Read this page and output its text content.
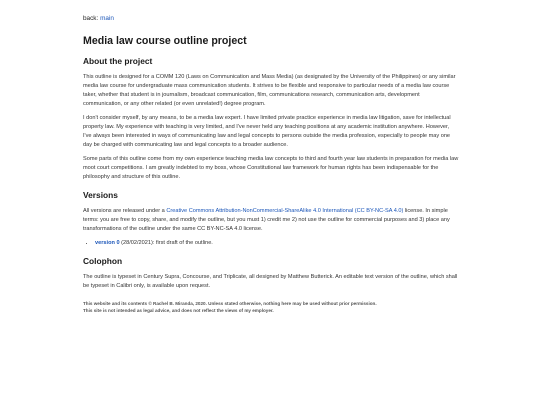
back: main
Media law course outline project
About the project

This outline is designed for a COMM 120 (Laws on Communication and Mass Media) (as designated by the University of the Philippines) or any similar media law course for undergraduate mass communication students. It strives to be flexible and responsive to particular needs of a media law course taker, whether that student is in journalism, broadcast communication, film, communications research, communication arts, development communication, or any other related (or even unrelated!) degree program.

I don't consider myself, by any means, to be a media law expert. I have limited private practice experience in media law litigation, save for intellectual property law. My experience with teaching is very limited, and I've never held any teaching positions at any academic institution anywhere. However, I've always been interested in ways of communicating law and legal concepts to persons outside the media profession, especially to people may one day be charged with communicating law and legal concepts to a broader audience.

Some parts of this outline come from my own experience teaching media law concepts to third and fourth year law students in preparation for media law moot court competitions. I am greatly indebted to my boss, whose Constitutional law framework for human rights has been indispensable for the philosophy and structure of this outline.

Versions

All versions are released under a Creative Commons Attribution-NonCommercial-ShareAlike 4.0 International (CC BY-NC-SA 4.0) license. In simple terms: you are free to copy, share, and modify the outline, but you must 1) credit me 2) not use the outline for commercial purposes and 3) place any transformations of the outline under the same CC BY-NC-SA 4.0 license.

• version 0 (28/02/2021): first draft of the outline.
Colophon

The outline is typeset in Century Supra, Concourse, and Triplicate, all designed by Matthew Butterick. An editable text version of the outline, which shall be typeset in Calibri only, is available upon request.

This website and its contents © Rachel B. Miranda, 2020. Unless stated otherwise, nothing here may be used without prior permission.
This site is not intended as legal advice, and does not reflect the views of my employer.
